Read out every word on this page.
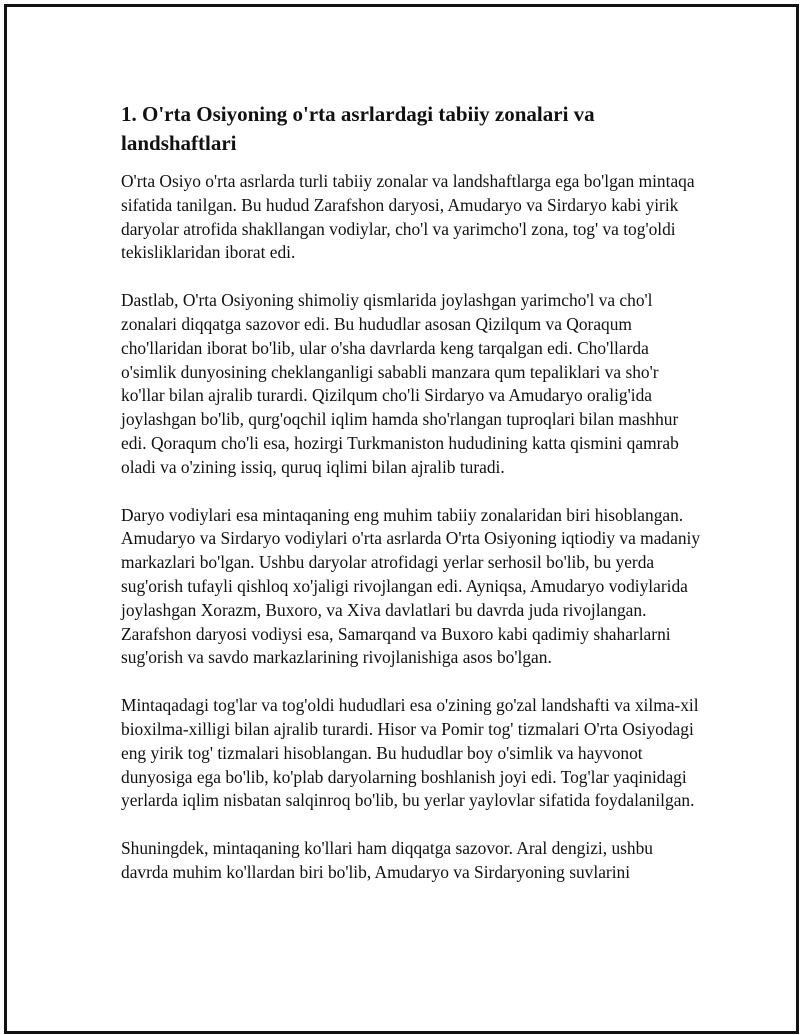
1. O'rta Osiyoning o'rta asrlardagi tabiiy zonalari va landshaftlari

O'rta Osiyo o'rta asrlarda turli tabiiy zonalar va landshaftlarga ega bo'lgan mintaqa sifatida tanilgan. Bu hudud Zarafshon daryosi, Amudaryo va Sirdaryo kabi yirik daryolar atrofida shakllangan vodiylar, cho'l va yarimcho'l zona, tog' va tog'oldi tekisliklaridan iborat edi.

Dastlab, O'rta Osiyoning shimoliy qismlarida joylashgan yarimcho'l va cho'l zonalari diqqatga sazovor edi. Bu hududlar asosan Qizilqum va Qoraqum cho'llaridan iborat bo'lib, ular o'sha davrlarda keng tarqalgan edi. Cho'llarda o'simlik dunyosining cheklanganligi sababli manzara qum tepaliklari va sho'r ko'llar bilan ajralib turardi. Qizilqum cho'li Sirdaryo va Amudaryo oralig'ida joylashgan bo'lib, qurg'oqchil iqlim hamda sho'rlangan tuproqlari bilan mashhur edi. Qoraqum cho'li esa, hozirgi Turkmaniston hududining katta qismini qamrab oladi va o'zining issiq, quruq iqlimi bilan ajralib turadi.

Daryo vodiylari esa mintaqaning eng muhim tabiiy zonalaridan biri hisoblangan. Amudaryo va Sirdaryo vodiylari o'rta asrlarda O'rta Osiyoning iqtiodiy va madaniy markazlari bo'lgan. Ushbu daryolar atrofidagi yerlar serhosil bo'lib, bu yerda sug'orish tufayli qishloq xo'jaligi rivojlangan edi. Ayniqsa, Amudaryo vodiylarida joylashgan Xorazm, Buxoro, va Xiva davlatlari bu davrda juda rivojlangan. Zarafshon daryosi vodiysi esa, Samarqand va Buxoro kabi qadimiy shaharlarni sug'orish va savdo markazlarining rivojlanishiga asos bo'lgan.

Mintaqadagi tog'lar va tog'oldi hududlari esa o'zining go'zal landshafti va xilma-xil bioxilma-xilligi bilan ajralib turardi. Hisor va Pomir tog' tizmalari O'rta Osiyodagi eng yirik tog' tizmalari hisoblangan. Bu hududlar boy o'simlik va hayvonot dunyosiga ega bo'lib, ko'plab daryolarning boshlanish joyi edi. Tog'lar yaqinidagi yerlarda iqlim nisbatan salqinroq bo'lib, bu yerlar yaylovlar sifatida foydalanilgan.

Shuningdek, mintaqaning ko'llari ham diqqatga sazovor. Aral dengizi, ushbu davrda muhim ko'llardan biri bo'lib, Amudaryo va Sirdaryoning suvlarini
